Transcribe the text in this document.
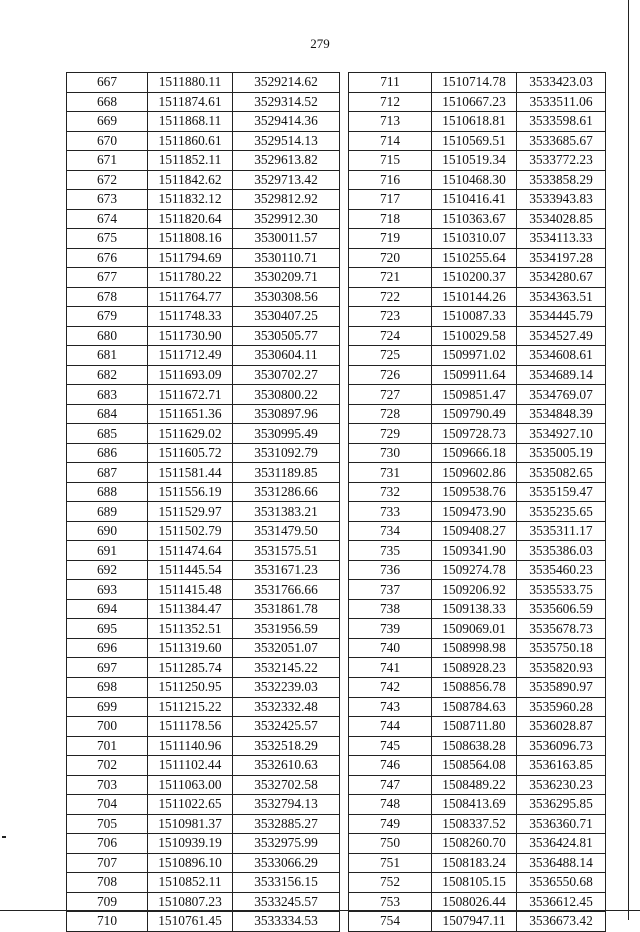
279
667	1511880.11	3529214.62
668	1511874.61	3529314.52
669	1511868.11	3529414.36
670	1511860.61	3529514.13
671	1511852.11	3529613.82
672	1511842.62	3529713.42
673	1511832.12	3529812.92
674	1511820.64	3529912.30
675	1511808.16	3530011.57
676	1511794.69	3530110.71
677	1511780.22	3530209.71
678	1511764.77	3530308.56
679	1511748.33	3530407.25
680	1511730.90	3530505.77
681	1511712.49	3530604.11
682	1511693.09	3530702.27
683	1511672.71	3530800.22
684	1511651.36	3530897.96
685	1511629.02	3530995.49
686	1511605.72	3531092.79
687	1511581.44	3531189.85
688	1511556.19	3531286.66
689	1511529.97	3531383.21
690	1511502.79	3531479.50
691	1511474.64	3531575.51
692	1511445.54	3531671.23
693	1511415.48	3531766.66
694	1511384.47	3531861.78
695	1511352.51	3531956.59
696	1511319.60	3532051.07
697	1511285.74	3532145.22
698	1511250.95	3532239.03
699	1511215.22	3532332.48
700	1511178.56	3532425.57
701	1511140.96	3532518.29
702	1511102.44	3532610.63
703	1511063.00	3532702.58
704	1511022.65	3532794.13
705	1510981.37	3532885.27
706	1510939.19	3532975.99
707	1510896.10	3533066.29
708	1510852.11	3533156.15
709	1510807.23	3533245.57
710	1510761.45	3533334.53
711	1510714.78	3533423.03
712	1510667.23	3533511.06
713	1510618.81	3533598.61
714	1510569.51	3533685.67
715	1510519.34	3533772.23
716	1510468.30	3533858.29
717	1510416.41	3533943.83
718	1510363.67	3534028.85
719	1510310.07	3534113.33
720	1510255.64	3534197.28
721	1510200.37	3534280.67
722	1510144.26	3534363.51
723	1510087.33	3534445.79
724	1510029.58	3534527.49
725	1509971.02	3534608.61
726	1509911.64	3534689.14
727	1509851.47	3534769.07
728	1509790.49	3534848.39
729	1509728.73	3534927.10
730	1509666.18	3535005.19
731	1509602.86	3535082.65
732	1509538.76	3535159.47
733	1509473.90	3535235.65
734	1509408.27	3535311.17
735	1509341.90	3535386.03
736	1509274.78	3535460.23
737	1509206.92	3535533.75
738	1509138.33	3535606.59
739	1509069.01	3535678.73
740	1508998.98	3535750.18
741	1508928.23	3535820.93
742	1508856.78	3535890.97
743	1508784.63	3535960.28
744	1508711.80	3536028.87
745	1508638.28	3536096.73
746	1508564.08	3536163.85
747	1508489.22	3536230.23
748	1508413.69	3536295.85
749	1508337.52	3536360.71
750	1508260.70	3536424.81
751	1508183.24	3536488.14
752	1508105.15	3536550.68
753	1508026.44	3536612.45
754	1507947.11	3536673.42
